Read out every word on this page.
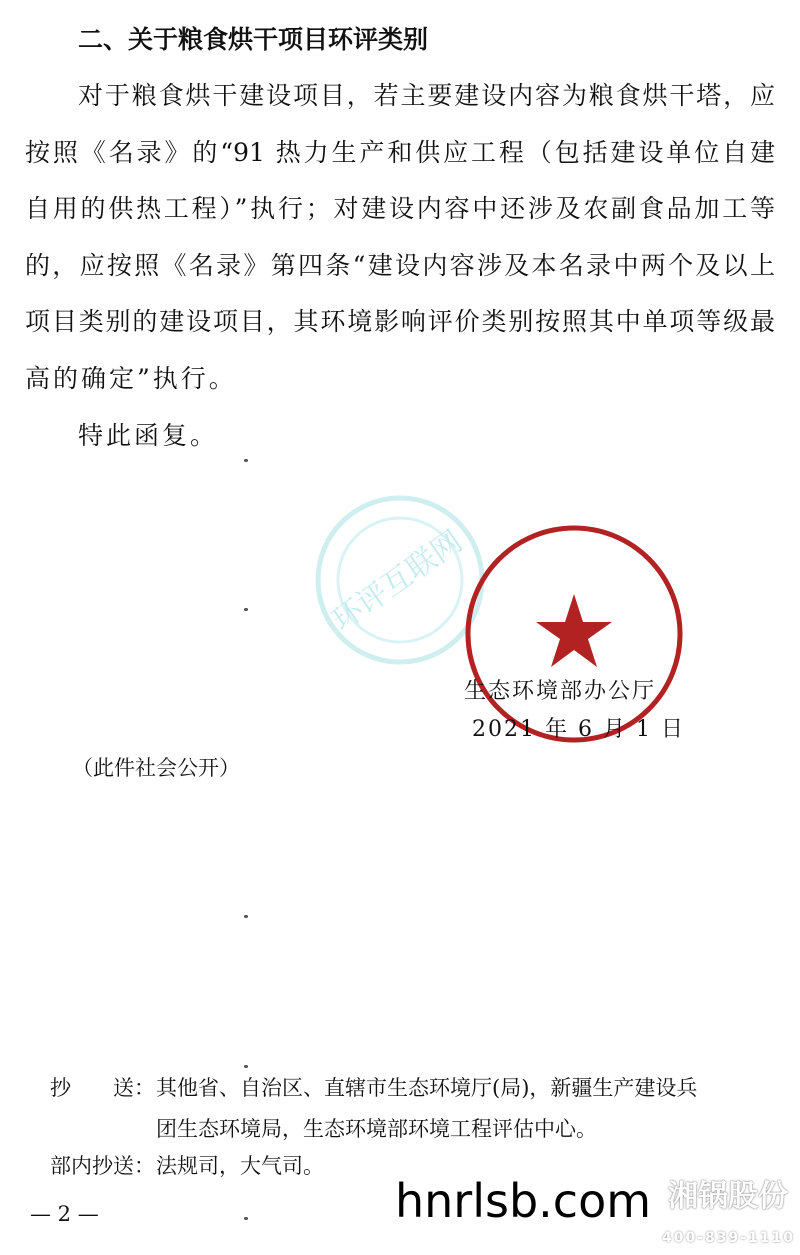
二、关于粮食烘干项目环评类别
对于粮食烘干建设项目，若主要建设内容为粮食烘干塔，应
按照《名录》的“91 热力生产和供应工程（包括建设单位自建
自用的供热工程）”执行；对建设内容中还涉及农副食品加工等
的，应按照《名录》第四条“建设内容涉及本名录中两个及以上
项目类别的建设项目，其环境影响评价类别按照其中单项等级最
高的确定”执行。
特此函复。
环评互联网
生态环境部办公厅
2021 年 6 月 1 日
（此件社会公开）
抄　　送： 其他省、自治区、直辖市生态环境厅(局)，新疆生产建设兵
团生态环境局，生态环境部环境工程评估中心。
部内抄送： 法规司，大气司。
— 2 —	hnrlsb.com 湘锅股份
400-839-1110
